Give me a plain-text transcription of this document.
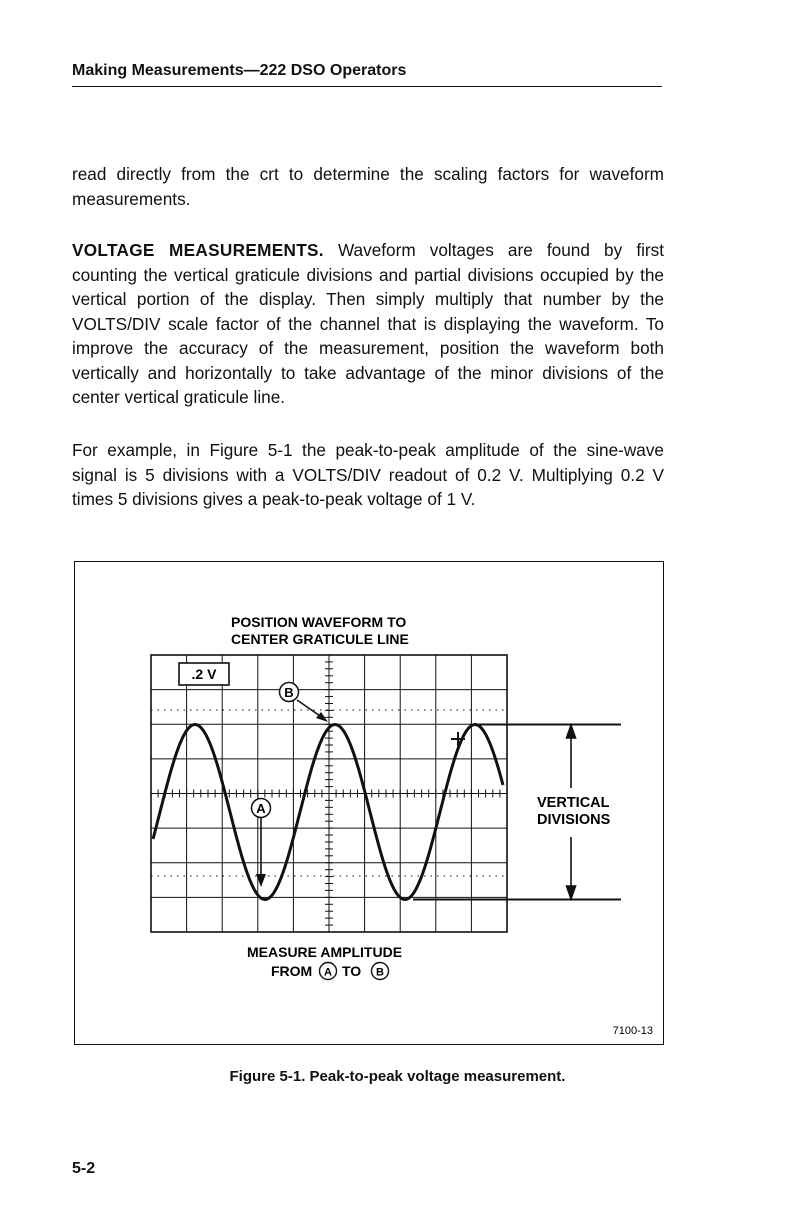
Making Measurements—222 DSO Operators

read directly from the crt to determine the scaling factors for waveform measurements.

VOLTAGE MEASUREMENTS. Waveform voltages are found by first counting the vertical graticule divisions and partial divisions occupied by the vertical portion of the display. Then simply multiply that number by the VOLTS/DIV scale factor of the channel that is displaying the waveform. To improve the accuracy of the measurement, position the waveform both vertically and horizontally to take advantage of the minor divisions of the center vertical graticule line.

For example, in Figure 5-1 the peak-to-peak amplitude of the sine-wave signal is 5 divisions with a VOLTS/DIV readout of 0.2 V. Multiplying 0.2 V times 5 divisions gives a peak-to-peak voltage of 1 V.

POSITION WAVEFORM TO
CENTER GRATICULE LINE
.2 V
VERTICAL
DIVISIONS
B
A
MEASURE AMPLITUDE
FROM A TO B
7100-13
Figure 5-1. Peak-to-peak voltage measurement.
5-2
